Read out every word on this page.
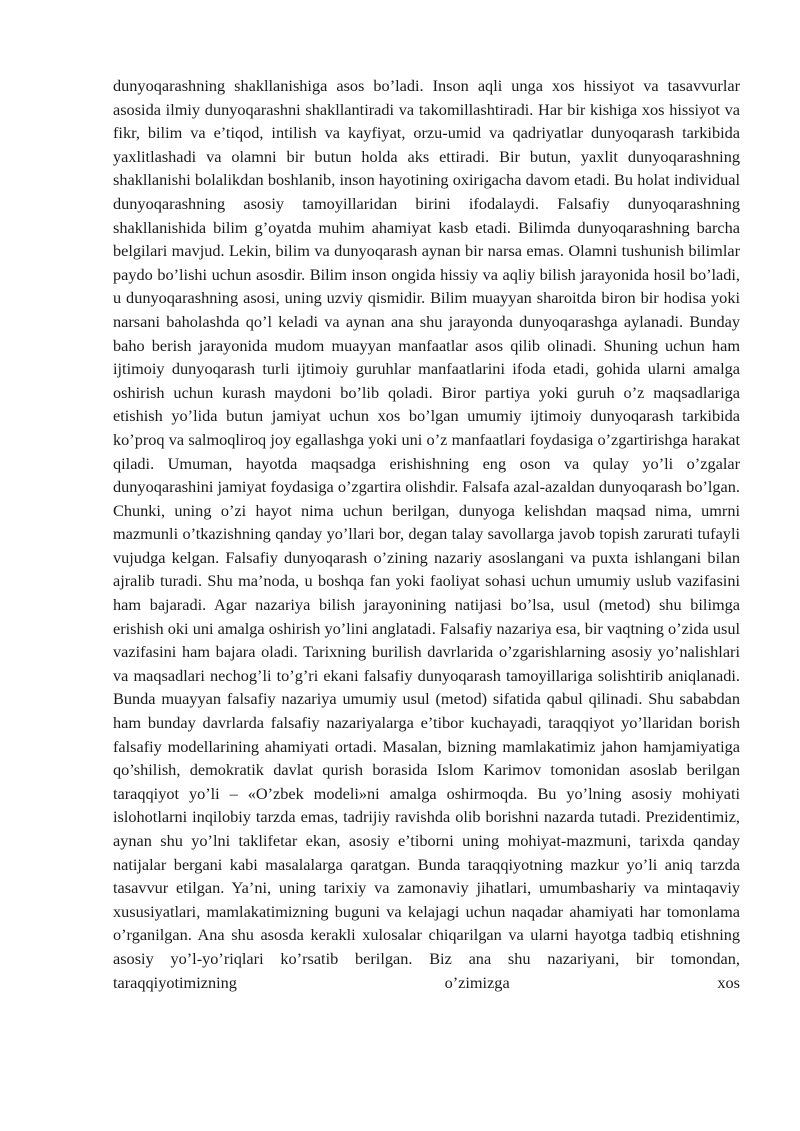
dunyoqarashning shakllanishiga asos bo’ladi. Inson aqli unga xos hissiyot va tasavvurlar asosida ilmiy dunyoqarashni shakllantiradi va takomillashtiradi. Har bir kishiga xos hissiyot va fikr, bilim va e’tiqod, intilish va kayfiyat, orzu-umid va qadriyatlar dunyoqarash tarkibida yaxlitlashadi va olamni bir butun holda aks ettiradi. Bir butun, yaxlit dunyoqarashning shakllanishi bolalikdan boshlanib, inson hayotining oxirigacha davom etadi. Bu holat individual dunyoqarashning asosiy tamoyillaridan birini ifodalaydi. Falsafiy dunyoqarashning shakllanishida bilim g’oyatda muhim ahamiyat kasb etadi. Bilimda dunyoqarashning barcha belgilari mavjud. Lekin, bilim va dunyoqarash aynan bir narsa emas. Olamni tushunish bilimlar paydo bo’lishi uchun asosdir. Bilim inson ongida hissiy va aqliy bilish jarayonida hosil bo’ladi, u dunyoqarashning asosi, uning uzviy qismidir. Bilim muayyan sharoitda biron bir hodisa yoki narsani baholashda qo’l keladi va aynan ana shu jarayonda dunyoqarashga aylanadi. Bunday baho berish jarayonida mudom muayyan manfaatlar asos qilib olinadi. Shuning uchun ham ijtimoiy dunyoqarash turli ijtimoiy guruhlar manfaatlarini ifoda etadi, gohida ularni amalga oshirish uchun kurash maydoni bo’lib qoladi. Biror partiya yoki guruh o’z maqsadlariga etishish yo’lida butun jamiyat uchun xos bo’lgan umumiy ijtimoiy dunyoqarash tarkibida ko’proq va salmoqliroq joy egallashga yoki uni o’z manfaatlari foydasiga o’zgartirishga harakat qiladi. Umuman, hayotda maqsadga erishishning eng oson va qulay yo’li o’zgalar dunyoqarashini jamiyat foydasiga o’zgartira olishdir. Falsafa azal-azaldan dunyoqarash bo’lgan. Chunki, uning o’zi hayot nima uchun berilgan, dunyoga kelishdan maqsad nima, umrni mazmunli o’tkazishning qanday yo’llari bor, degan talay savollarga javob topish zarurati tufayli vujudga kelgan. Falsafiy dunyoqarash o’zining nazariy asoslangani va puxta ishlangani bilan ajralib turadi. Shu ma’noda, u boshqa fan yoki faoliyat sohasi uchun umumiy uslub vazifasini ham bajaradi. Agar nazariya bilish jarayonining natijasi bo’lsa, usul (metod) shu bilimga erishish oki uni amalga oshirish yo’lini anglatadi. Falsafiy nazariya esa, bir vaqtning o’zida usul vazifasini ham bajara oladi. Tarixning burilish davrlarida o’zgarishlarning asosiy yo’nalishlari va maqsadlari nechog’li to’g’ri ekani falsafiy dunyoqarash tamoyillariga solishtirib aniqlanadi. Bunda muayyan falsafiy nazariya umumiy usul (metod) sifatida qabul qilinadi. Shu sababdan ham bunday davrlarda falsafiy nazariyalarga e’tibor kuchayadi, taraqqiyot yo’llaridan borish falsafiy modellarining ahamiyati ortadi. Masalan, bizning mamlakatimiz jahon hamjamiyatiga qo’shilish, demokratik davlat qurish borasida Islom Karimov tomonidan asoslab berilgan taraqqiyot yo’li – «O’zbek modeli»ni amalga oshirmoqda. Bu yo’lning asosiy mohiyati islohotlarni inqilobiy tarzda emas, tadrijiy ravishda olib borishni nazarda tutadi. Prezidentimiz, aynan shu yo’lni taklifetar ekan, asosiy e’tiborni uning mohiyat-mazmuni, tarixda qanday natijalar bergani kabi masalalarga qaratgan. Bunda taraqqiyotning mazkur yo’li aniq tarzda tasavvur etilgan. Ya’ni, uning tarixiy va zamonaviy jihatlari, umumbashariy va mintaqaviy xususiyatlari, mamlakatimizning buguni va kelajagi uchun naqadar ahamiyati har tomonlama o’rganilgan. Ana shu asosda kerakli xulosalar chiqarilgan va ularni hayotga tadbiq etishning asosiy yo’l-yo’riqlari ko’rsatib berilgan. Biz ana shu nazariyani, bir tomondan, taraqqiyotimizning o’zimizga xos
